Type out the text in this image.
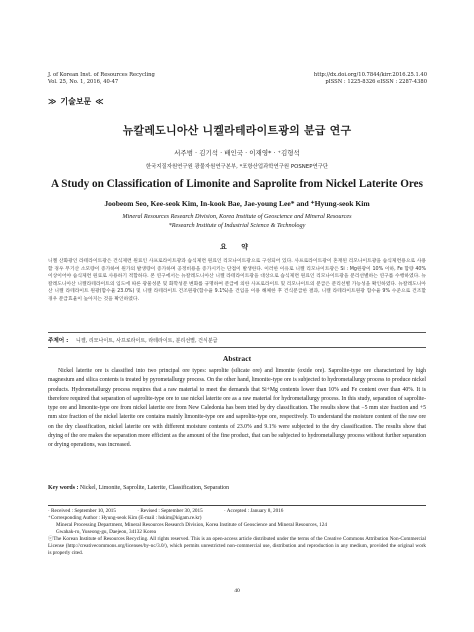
J. of Korean Inst. of Resources Recycling
Vol. 25, No. 1, 2016, 40-47
http://dx.doi.org/10.7844/kirr.2016.25.1.40
pISSN : 1225-8326 eISSN : 2287-4380
≫ 기술보문 ≪
뉴칼레도니아산 니켈라테라이트광의 분급 연구
서주범 · 김기석 · 배인국 · 이재영* · ⁺김형석
한국지질자원연구원 광물자원연구본부, *포항산업과학연구원 POSNEP연구단
A Study on Classification of Limonite and Saprolite from Nickel Laterite Ores
Joobeom Seo, Kee-seok Kim, In-kook Bae, Jae-young Lee* and ⁺Hyung-seok Kim
Mineral Resources Research Division, Korea Institute of Geoscience and Mineral Resources
*Research Institute of Industrial Science & Technology
요 약
니켈 산화광인 라테라이트광은 건식제련 원료인 사프로라이트광과 습식제련 원료인 리모나이트광으로 구성되어 있다. 사프로라이트광이 혼재된 리모나이트광을 습식제련용으로 사용할 경우 무기산 소모량이 증가하여 원가의 발생량이 증가하며 공정비용을 증가시키는 단점이 발생한다. 이러한 이유로 니켈 리모나이트광은 Si : Mg원광이 10% 이하, Fe 함량 40% 이상이어야 습식제련 원료로 사용하기 적합하다. 본 연구에서는 뉴칼레도니아산 니켈 라테라이트광을 대상으로 습식제련 원료인 리모나이트광을 분리선별하는 연구를 수행하였다. 뉴칼레도니아산 니켈라테라이트의 입도에 따른 광물성분 및 화학성분 변화를 규명하여 분급에 의한 사프로라이트 및 리모나이트의 분급은 분리선별 가능성을 확인하였다. 뉴칼레도니아산 니켈 라테라이트 원광(함수율 23.0%) 및 니켈 라테라이트 건조원광(함수율 9.1%)을 건입을 이용 해체한 후 건식분급한 결과, 니켈 라테라이트원광 함수율 9% 수준으로 건조할 경우 분급효율이 높아지는 것을 확인하였다.
주제어 : 니켈, 리모나이트, 사프로라이트, 라테라이트, 분리선별, 건식분급
Abstract
Nickel laterite ore is classified into two principal ore types: saprolite (silicate ore) and limonite (oxide ore). Saprolite-type ore characterized by high magnesium and silica contents is treated by pyrometallurgy process. On the other hand, limonite-type ore is subjected to hydrometallurgy process to produce nickel products. Hydrometallurgy process requires that a raw material to meet the demands that Si+Mg contents lower than 10% and Fe content over than 40%. It is therefore required that separation of saprolite-type ore to use nickel laterite ore as a raw material for hydrometallurgy process. In this study, separation of saprolite-type ore and limonite-type ore from nickel laterite ore from New Caledonia has been tried by dry classification. The results show that −5 mm size fraction and +5 mm size fraction of the nickel laterite ore contains mainly limonite-type ore and saprolite-type ore, respectively. To understand the moisture content of the raw ore on the dry classification, nickel laterite ore with different moisture contents of 23.0% and 9.1% were subjected to the dry classification. The results show that drying of the ore makes the separation more efficient as the amount of the fine product, that can be subjected to hydrometallurgy process without further separation or drying operations, was increased.
Key words : Nickel, Limonite, Saprolite, Laterite, Classification, Separation
· Received : September 10, 2015	· Revised : September 30, 2015	· Accepted : January 8, 2016
⁺Corresponding Author : Hyung-seok Kim (E-mail : hskim@kigam.re.kr)
Mineral Processing Department, Mineral Resources Research Division, Korea Institute of Geoscience and Mineral Resources, 124
Gwahak-ro, Yuseong-gu, Daejeon, 34132 Korea
ⓒThe Korean Institute of Resources Recycling. All rights reserved. This is an open-access article distributed under the terms of the Creative Commons Attribution Non-Commercial License (http://creativecommons.org/licenses/by-nc/3.0/), which permits unrestricted non-commercial use, distribution and reproduction in any medium, provided the original work is properly cited.
40
